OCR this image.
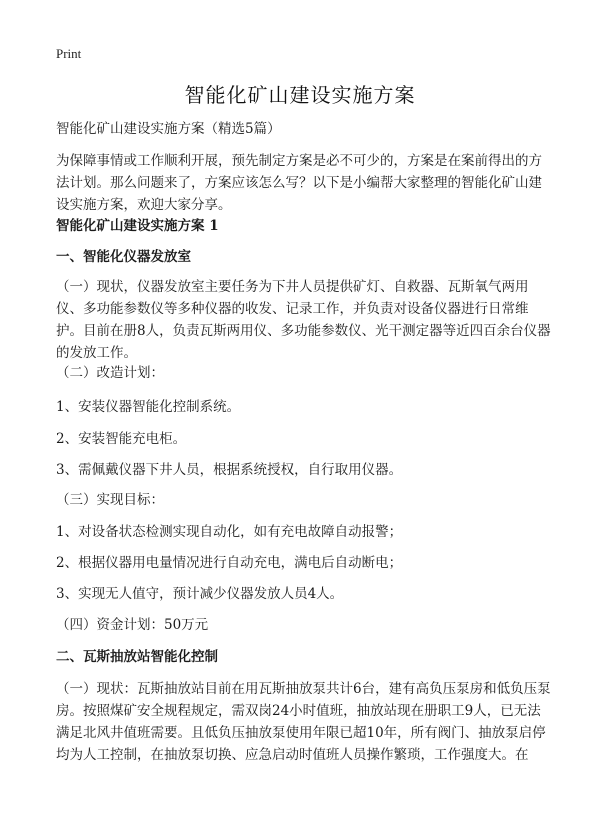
Print
智能化矿山建设实施方案

智能化矿山建设实施方案（精选5篇）

为保障事情或工作顺利开展，预先制定方案是必不可少的，方案是在案前得出的方法计划。那么问题来了，方案应该怎么写？以下是小编帮大家整理的智能化矿山建设实施方案，欢迎大家分享。

智能化矿山建设实施方案 1

一、智能化仪器发放室

（一）现状，仪器发放室主要任务为下井人员提供矿灯、自救器、瓦斯氧气两用仪、多功能参数仪等多种仪器的收发、记录工作，并负责对设备仪器进行日常维护。目前在册8人，负责瓦斯两用仪、多功能参数仪、光干测定器等近四百余台仪器的发放工作。

（二）改造计划：

1、安装仪器智能化控制系统。

2、安装智能充电柜。

3、需佩戴仪器下井人员，根据系统授权，自行取用仪器。

（三）实现目标：

1、对设备状态检测实现自动化，如有充电故障自动报警；

2、根据仪器用电量情况进行自动充电，满电后自动断电；

3、实现无人值守，预计减少仪器发放人员4人。

（四）资金计划：50万元

二、瓦斯抽放站智能化控制

（一）现状：瓦斯抽放站目前在用瓦斯抽放泵共计6台，建有高负压泵房和低负压泵房。按照煤矿安全规程规定，需双岗24小时值班，抽放站现在册职工9人，已无法满足北风井值班需要。且低负压抽放泵使用年限已超10年，所有阀门、抽放泵启停均为人工控制，在抽放泵切换、应急启动时值班人员操作繁琐，工作强度大。在
